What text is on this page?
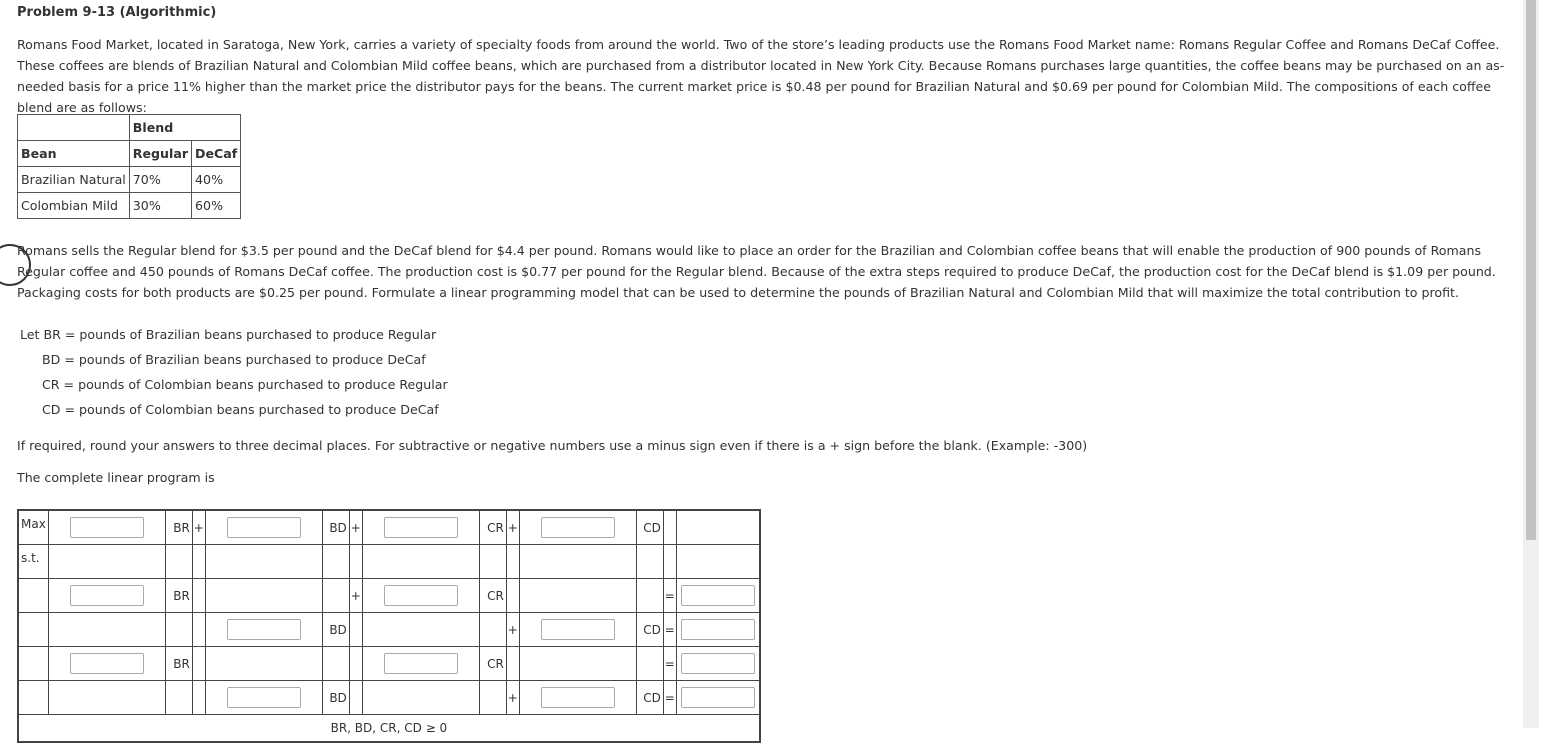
Problem 9-13 (Algorithmic)
Romans Food Market, located in Saratoga, New York, carries a variety of specialty foods from around the world. Two of the store’s leading products use the Romans Food Market name: Romans Regular Coffee and Romans DeCaf Coffee. These coffees are blends of Brazilian Natural and Colombian Mild coffee beans, which are purchased from a distributor located in New York City. Because Romans purchases large quantities, the coffee beans may be purchased on an as-needed basis for a price 11% higher than the market price the distributor pays for the beans. The current market price is $0.48 per pound for Brazilian Natural and $0.69 per pound for Colombian Mild. The compositions of each coffee blend are as follows:
	Blend	
Bean	Regular	DeCaf
Brazilian Natural	70%	40%
Colombian Mild	30%	60%
Romans sells the Regular blend for $3.5 per pound and the DeCaf blend for $4.4 per pound. Romans would like to place an order for the Brazilian and Colombian coffee beans that will enable the production of 900 pounds of Romans Regular coffee and 450 pounds of Romans DeCaf coffee. The production cost is $0.77 per pound for the Regular blend. Because of the extra steps required to produce DeCaf, the production cost for the DeCaf blend is $1.09 per pound. Packaging costs for both products are $0.25 per pound. Formulate a linear programming model that can be used to determine the pounds of Brazilian Natural and Colombian Mild that will maximize the total contribution to profit.
Let BR = pounds of Brazilian beans purchased to produce Regular
BD = pounds of Brazilian beans purchased to produce DeCaf
CR = pounds of Colombian beans purchased to produce Regular
CD = pounds of Colombian beans purchased to produce DeCaf
If required, round your answers to three decimal places. For subtractive or negative numbers use a minus sign even if there is a + sign before the blank. (Example: -300)
The complete linear program is
Max		BR	+		BD	+		CR	+		CD		
s.t.													
		BR				+		CR				=	
					BD				+		CD	=	
		BR						CR				=	
					BD				+		CD	=	
BR, BD, CR, CD ≥ 0													
